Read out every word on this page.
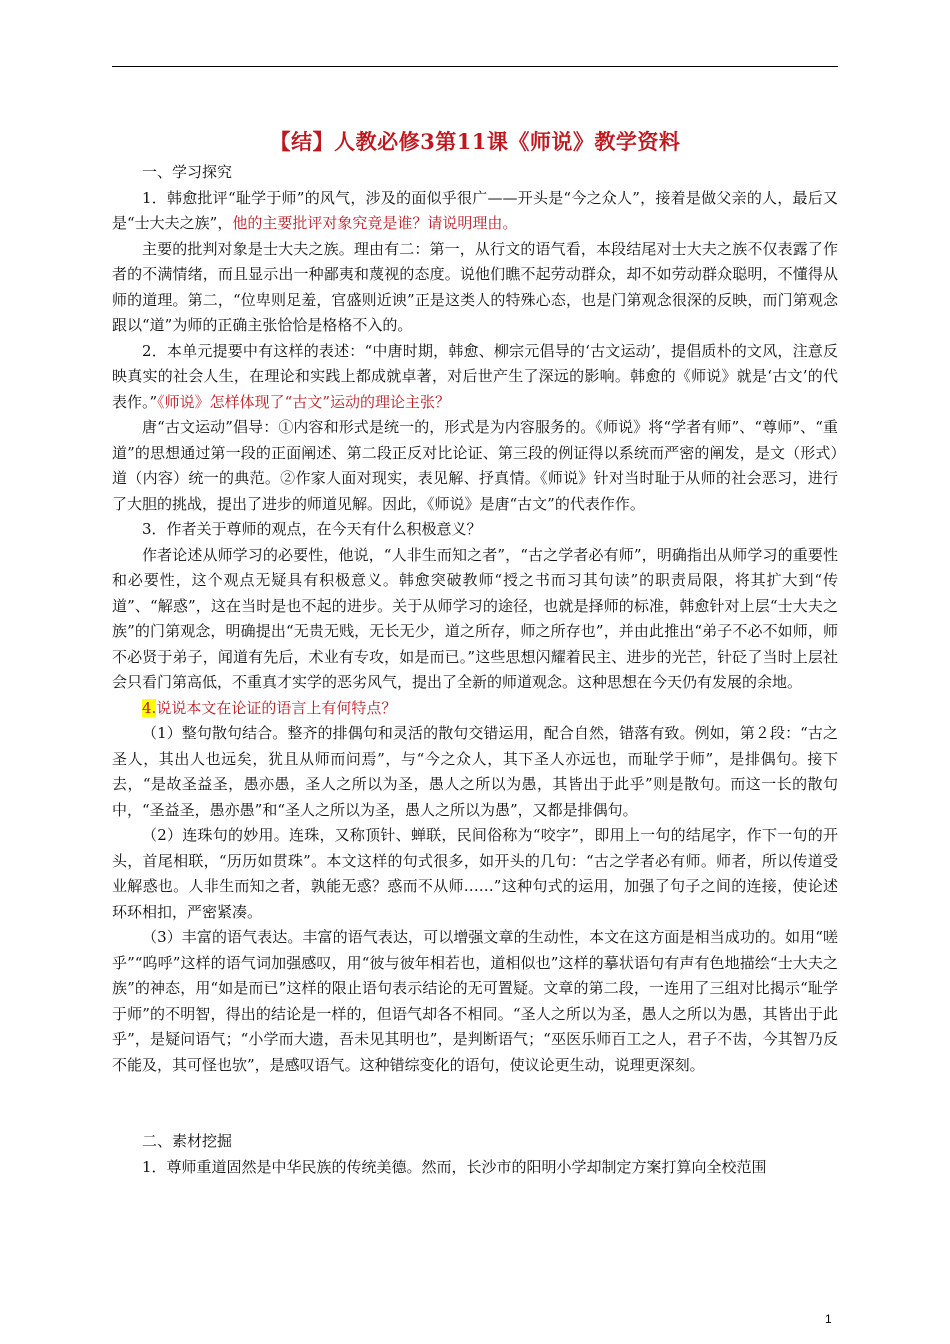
【结】人教必修3第11课《师说》教学资料

一、学习探究

1．韩愈批评“耻学于师”的风气，涉及的面似乎很广——开头是“今之众人”，接着是做父亲的人，最后又是“士大夫之族”，他的主要批评对象究竟是谁？请说明理由。

主要的批判对象是士大夫之族。理由有二：第一，从行文的语气看，本段结尾对士大夫之族不仅表露了作者的不满情绪，而且显示出一种鄙夷和蔑视的态度。说他们瞧不起劳动群众，却不如劳动群众聪明，不懂得从师的道理。第二，“位卑则足羞，官盛则近谀”正是这类人的特殊心态，也是门第观念很深的反映，而门第观念跟以“道”为师的正确主张恰恰是格格不入的。

2．本单元提要中有这样的表述：“中唐时期，韩愈、柳宗元倡导的‘古文运动’，提倡质朴的文风，注意反映真实的社会人生，在理论和实践上都成就卓著，对后世产生了深远的影响。韩愈的《师说》就是‘古文’的代表作。”《师说》怎样体现了“古文”运动的理论主张？

唐“古文运动”倡导：①内容和形式是统一的，形式是为内容服务的。《师说》将“学者有师”、“尊师”、“重道”的思想通过第一段的正面阐述、第二段正反对比论证、第三段的例证得以系统而严密的阐发，是文（形式）道（内容）统一的典范。②作家人面对现实，表见解、抒真情。《师说》针对当时耻于从师的社会恶习，进行了大胆的挑战，提出了进步的师道见解。因此，《师说》是唐“古文”的代表作作。

3．作者关于尊师的观点，在今天有什么积极意义？

作者论述从师学习的必要性，他说，“人非生而知之者”，“古之学者必有师”，明确指出从师学习的重要性和必要性，这个观点无疑具有积极意义。韩愈突破教师“授之书而习其句读”的职责局限，将其扩大到“传道”、“解惑”，这在当时是也不起的进步。关于从师学习的途径，也就是择师的标准，韩愈针对上层“士大夫之族”的门第观念，明确提出“无贵无贱，无长无少，道之所存，师之所存也”，并由此推出“弟子不必不如师，师不必贤于弟子，闻道有先后，术业有专攻，如是而已。”这些思想闪耀着民主、进步的光芒，针砭了当时上层社会只看门第高低，不重真才实学的恶劣风气，提出了全新的师道观念。这种思想在今天仍有发展的余地。

4.说说本文在论证的语言上有何特点？

（1）整句散句结合。整齐的排偶句和灵活的散句交错运用，配合自然，错落有致。例如，第２段：“古之圣人，其出人也远矣，犹且从师而问焉”，与“今之众人，其下圣人亦远也，而耻学于师”，是排偶句。接下去，“是故圣益圣，愚亦愚，圣人之所以为圣，愚人之所以为愚，其皆出于此乎”则是散句。而这一长的散句中，“圣益圣，愚亦愚”和“圣人之所以为圣，愚人之所以为愚”，又都是排偶句。

（2）连珠句的妙用。连珠，又称顶针、蝉联，民间俗称为“咬字”，即用上一句的结尾字，作下一句的开头，首尾相联，“历历如贯珠”。本文这样的句式很多，如开头的几句：“古之学者必有师。师者，所以传道受业解惑也。人非生而知之者，孰能无惑？惑而不从师……”这种句式的运用，加强了句子之间的连接，使论述环环相扣，严密紧凑。

（3）丰富的语气表达。丰富的语气表达，可以增强文章的生动性，本文在这方面是相当成功的。如用“嗟乎”“呜呼”这样的语气词加强感叹，用“彼与彼年相若也，道相似也”这样的摹状语句有声有色地描绘“士大夫之族”的神态，用“如是而已”这样的限止语句表示结论的无可置疑。文章的第二段，一连用了三组对比揭示“耻学于师”的不明智，得出的结论是一样的，但语气却各不相同。“圣人之所以为圣，愚人之所以为愚，其皆出于此乎”，是疑问语气；“小学而大遗，吾未见其明也”，是判断语气；“巫医乐师百工之人，君子不齿，今其智乃反不能及，其可怪也欤”，是感叹语气。这种错综变化的语句，使议论更生动，说理更深刻。

二、素材挖掘

1．尊师重道固然是中华民族的传统美德。然而，长沙市的阳明小学却制定方案打算向全校范围

1
